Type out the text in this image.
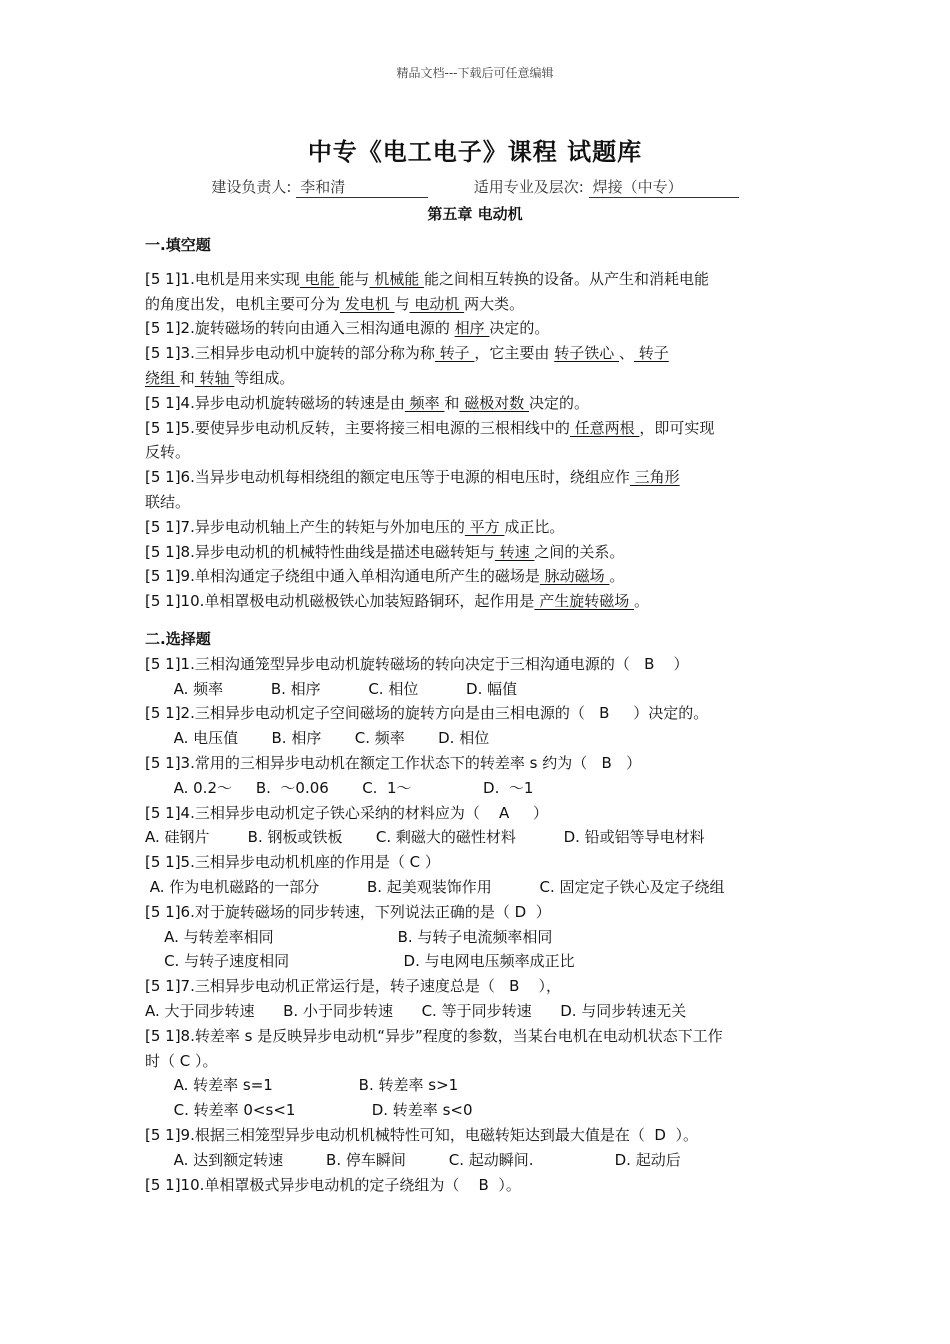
精品文档---下载后可任意编辑
中专《电工电子》课程 试题库
建设负责人: 李和清	适用专业及层次: 焊接（中专）
第五章 电动机
一.填空题
[5 1]1.电机是用来实现 电能 能与 机械能 能之间相互转换的设备。从产生和消耗电能
的角度出发，电机主要可分为 发电机 与 电动机 两大类。
[5 1]2.旋转磁场的转向由通入三相沟通电源的 相序 决定的。
[5 1]3.三相异步电动机中旋转的部分称为称 转子 ，它主要由 转子铁心 、 转子
绕组 和 转轴 等组成。
[5 1]4.异步电动机旋转磁场的转速是由 频率 和 磁极对数 决定的。
[5 1]5.要使异步电动机反转，主要将接三相电源的三根相线中的 任意两根 ，即可实现
反转。
[5 1]6.当异步电动机每相绕组的额定电压等于电源的相电压时，绕组应作 三角形
联结。
[5 1]7.异步电动机轴上产生的转矩与外加电压的 平方 成正比。
[5 1]8.异步电动机的机械特性曲线是描述电磁转矩与 转速 之间的关系。
[5 1]9.单相沟通定子绕组中通入单相沟通电所产生的磁场是 脉动磁场 。
[5 1]10.单相罩极电动机磁极铁心加装短路铜环，起作用是 产生旋转磁场 。
二.选择题
[5 1]1.三相沟通笼型异步电动机旋转磁场的转向决定于三相沟通电源的（   B    ）
A. 频率          B. 相序          C. 相位          D. 幅值
[5 1]2.三相异步电动机定子空间磁场的旋转方向是由三相电源的（   B     ）决定的。
A. 电压值       B. 相序       C. 频率       D. 相位
[5 1]3.常用的三相异步电动机在额定工作状态下的转差率 s 约为（   B   ）
A. 0.2～     B.  ～0.06       C.  1～               D.  ～1
[5 1]4.三相异步电动机定子铁心采纳的材料应为（    A     ）
A. 硅钢片        B. 钢板或铁板       C. 剩磁大的磁性材料          D. 铅或铝等导电材料
[5 1]5.三相异步电动机机座的作用是（ C ）
A. 作为电机磁路的一部分          B. 起美观装饰作用          C. 固定定子铁心及定子绕组
[5 1]6.对于旋转磁场的同步转速，下列说法正确的是（ D  ）
A. 与转差率相同                          B. 与转子电流频率相同
C. 与转子速度相同                        D. 与电网电压频率成正比
[5 1]7.三相异步电动机正常运行是，转子速度总是（   B    ），
A. 大于同步转速      B. 小于同步转速      C. 等于同步转速      D. 与同步转速无关
[5 1]8.转差率 s 是反映异步电动机“异步”程度的参数，当某台电机在电动机状态下工作
时（ C ）。
A. 转差率 s=1                  B. 转差率 s>1
C. 转差率 0<s<1                D. 转差率 s<0
[5 1]9.根据三相笼型异步电动机机械特性可知，电磁转矩达到最大值是在（  D  ）。
A. 达到额定转速         B. 停车瞬间         C. 起动瞬间.                 D. 起动后
[5 1]10.单相罩极式异步电动机的定子绕组为（    B  ）。
